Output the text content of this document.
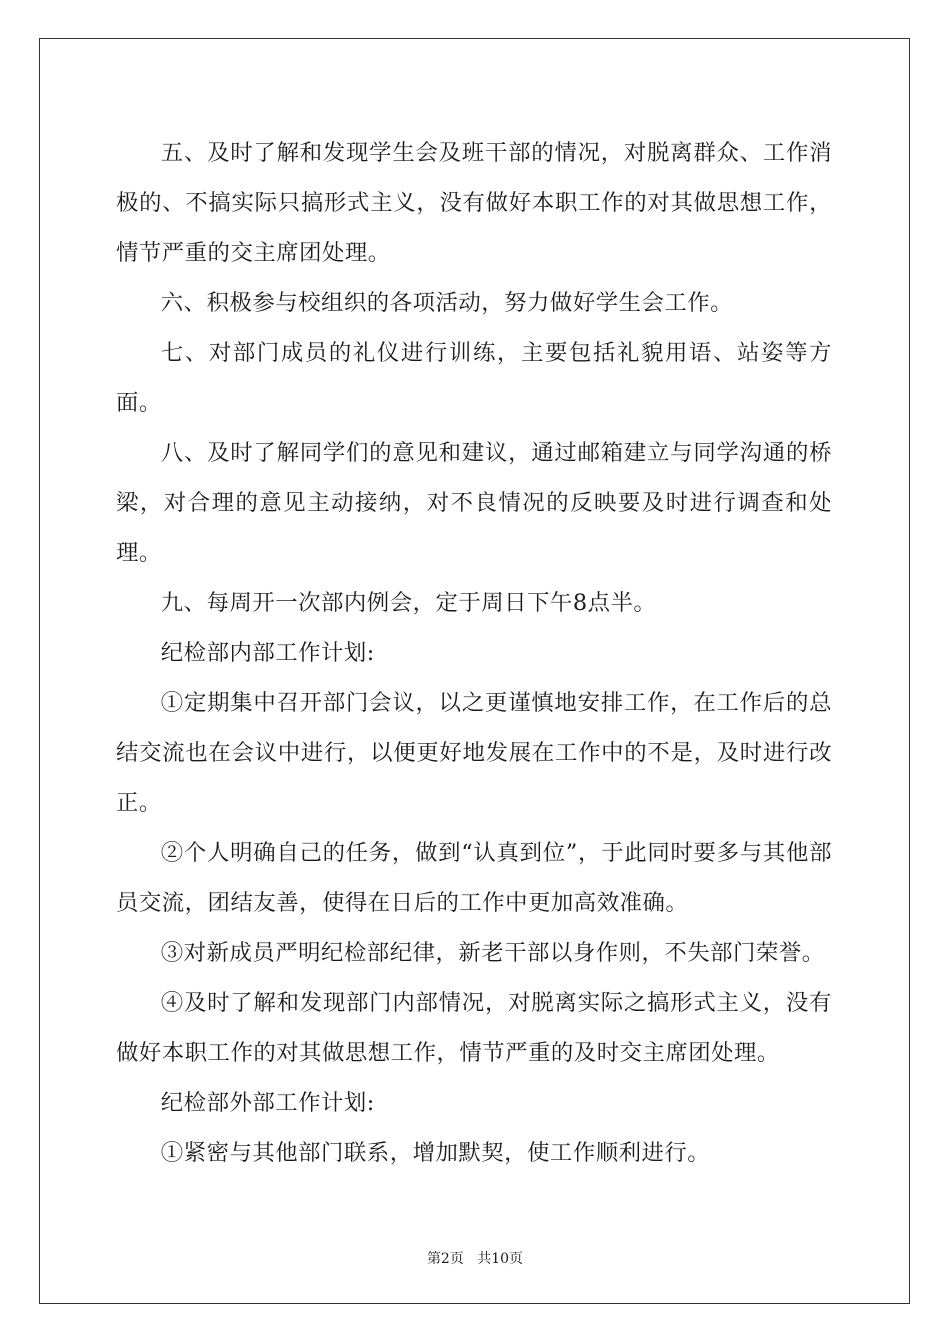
五、及时了解和发现学生会及班干部的情况，对脱离群众、工作消极的、不搞实际只搞形式主义，没有做好本职工作的对其做思想工作，情节严重的交主席团处理。

六、积极参与校组织的各项活动，努力做好学生会工作。

七、对部门成员的礼仪进行训练，主要包括礼貌用语、站姿等方面。

八、及时了解同学们的意见和建议，通过邮箱建立与同学沟通的桥梁，对合理的意见主动接纳，对不良情况的反映要及时进行调查和处理。

九、每周开一次部内例会，定于周日下午8点半。

纪检部内部工作计划:

①定期集中召开部门会议，以之更谨慎地安排工作，在工作后的总结交流也在会议中进行，以便更好地发展在工作中的不是，及时进行改正。

②个人明确自己的任务，做到“认真到位”，于此同时要多与其他部员交流，团结友善，使得在日后的工作中更加高效准确。

③对新成员严明纪检部纪律，新老干部以身作则，不失部门荣誉。

④及时了解和发现部门内部情况，对脱离实际之搞形式主义，没有做好本职工作的对其做思想工作，情节严重的及时交主席团处理。

纪检部外部工作计划:

①紧密与其他部门联系，增加默契，使工作顺利进行。

第2页 共10页
